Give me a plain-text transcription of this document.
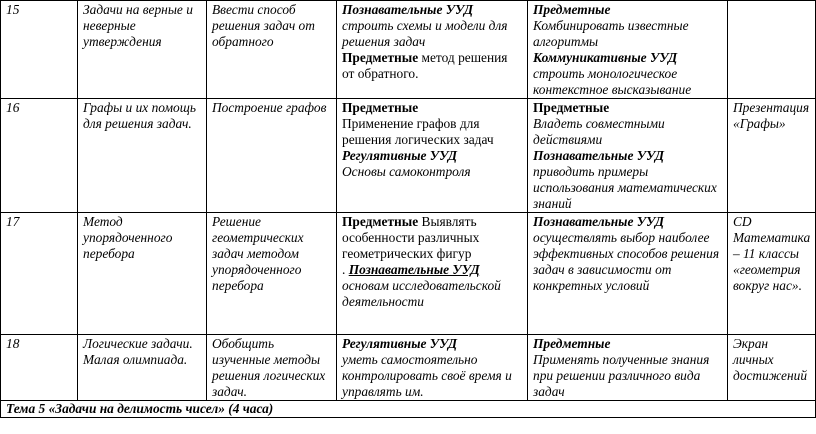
15	Задачи на верные и неверные утверждения	Ввести способ решения задач от обратного	Познавательные УУД
строить схемы и модели для решения задач
Предметные метод решения от обратного.	Предметные
Комбинировать известные алгоритмы
Коммуникативные УУД
строить монологическое контекстное высказывание	

16	Графы и их помощь для решения задач.	Построение графов	Предметные
Применение графов для решения логических задач
Регулятивные УУД
Основы самоконтроля	Предметные
Владеть совместными действиями
Познавательные УУД
приводить примеры использования математических знаний	Презентация «Графы»
17	Метод упорядоченного перебора	Решение геометрических задач методом упорядоченного перебора	Предметные Выявлять особенности различных геометрических фигур
. Познавательные УУД
основам исследовательской деятельности	Познавательные УУД
осуществлять выбор наиболее эффективных способов решения задач в зависимости от конкретных условий	CD Математика – 11 классы «геометрия вокруг нас».
18	Логические задачи. Малая олимпиада.	Обобщить изученные методы решения логических задач.	Регулятивные УУД
уметь самостоятельно контролировать своё время и управлять им.	Предметные
Применять полученные знания при решении различного вида задач	Экран личных достижений
Тема 5 «Задачи на делимость чисел» (4 часа)					
